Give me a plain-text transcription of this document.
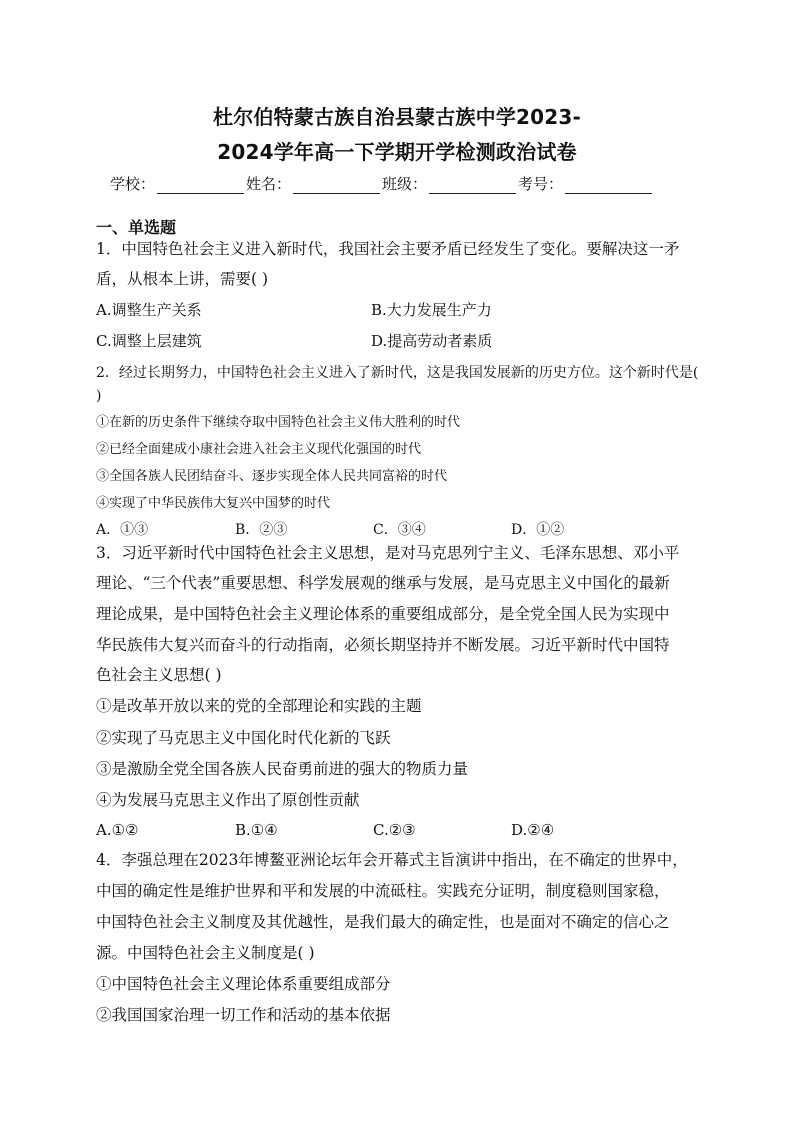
杜尔伯特蒙古族自治县蒙古族中学2023-
2024学年高一下学期开学检测政治试卷
学校：	姓名：	班级：	考号：
一、单选题
1．中国特色社会主义进入新时代，我国社会主要矛盾已经发生了变化。要解决这一矛
盾，从根本上讲，需要( )
A.调整生产关系	B.大力发展生产力
C.调整上层建筑	D.提高劳动者素质
2．经过长期努力，中国特色社会主义进入了新时代，这是我国发展新的历史方位。这个新时代是(
)
①在新的历史条件下继续夺取中国特色社会主义伟大胜利的时代
②已经全面建成小康社会进入社会主义现代化强国的时代
③全国各族人民团结奋斗、逐步实现全体人民共同富裕的时代
④实现了中华民族伟大复兴中国梦的时代
A．①③	B．②③	C．③④	D．①②
3．习近平新时代中国特色社会主义思想，是对马克思列宁主义、毛泽东思想、邓小平
理论、“三个代表”重要思想、科学发展观的继承与发展，是马克思主义中国化的最新
理论成果，是中国特色社会主义理论体系的重要组成部分，是全党全国人民为实现中
华民族伟大复兴而奋斗的行动指南，必须长期坚持并不断发展。习近平新时代中国特
色社会主义思想( )
①是改革开放以来的党的全部理论和实践的主题
②实现了马克思主义中国化时代化新的飞跃
③是激励全党全国各族人民奋勇前进的强大的物质力量
④为发展马克思主义作出了原创性贡献
A.①②	B.①④	C.②③	D.②④
4．李强总理在2023年博鳌亚洲论坛年会开幕式主旨演讲中指出，在不确定的世界中，
中国的确定性是维护世界和平和发展的中流砥柱。实践充分证明，制度稳则国家稳，
中国特色社会主义制度及其优越性，是我们最大的确定性，也是面对不确定的信心之
源。中国特色社会主义制度是( )
①中国特色社会主义理论体系重要组成部分
②我国国家治理一切工作和活动的基本依据
